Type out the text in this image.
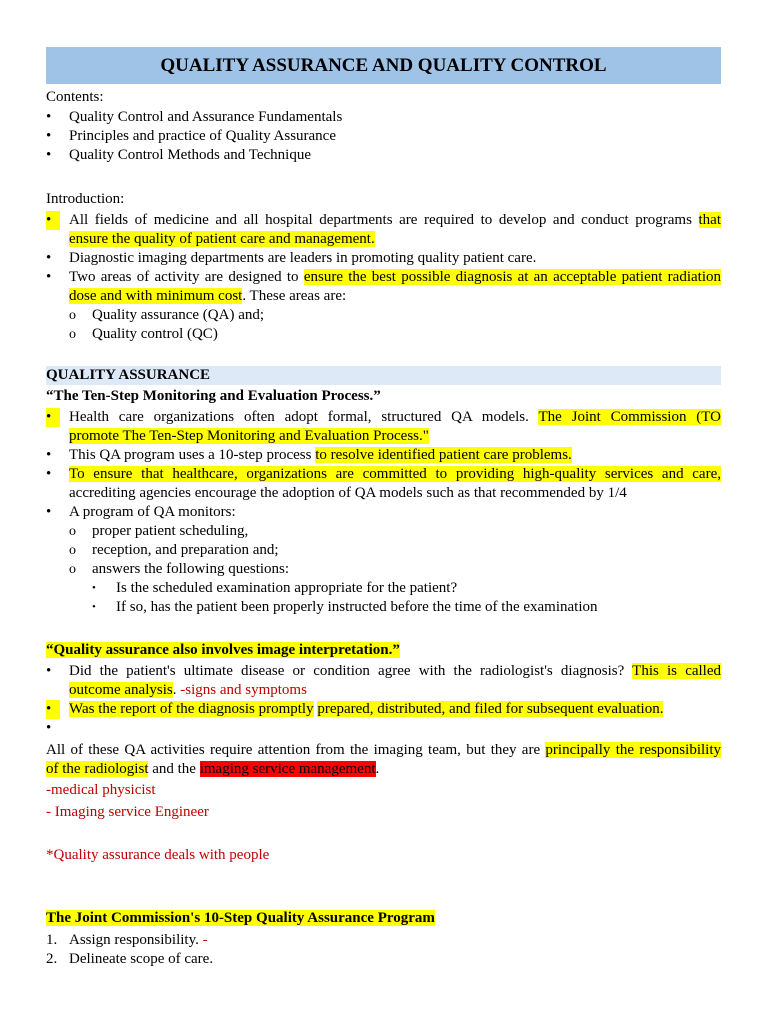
QUALITY ASSURANCE AND QUALITY CONTROL
Contents:
•	Quality Control and Assurance Fundamentals
•	Principles and practice of Quality Assurance
•	Quality Control Methods and Technique
Introduction:
•	All fields of medicine and all hospital departments are required to develop and conduct programs that
ensure the quality of patient care and management.
•	Diagnostic imaging departments are leaders in promoting quality patient care.
•	Two areas of activity are designed to ensure the best possible diagnosis at an acceptable patient radiation
dose and with minimum cost. These areas are:
o Quality assurance (QA) and;
o Quality control (QC)
QUALITY ASSURANCE
“The Ten-Step Monitoring and Evaluation Process.”
•	Health care organizations often adopt formal, structured QA models. The Joint Commission (TO
promote The Ten-Step Monitoring and Evaluation Process."
•	This QA program uses a 10-step process to resolve identified patient care problems.
•	To ensure that healthcare, organizations are committed to providing high-quality services and care,
accrediting agencies encourage the adoption of QA models such as that recommended by 1/4
•	A program of QA monitors:
o proper patient scheduling,
o reception, and preparation and;
o answers the following questions:
• Is the scheduled examination appropriate for the patient?
• If so, has the patient been properly instructed before the time of the examination
“Quality assurance also involves image interpretation.”
•	Did the patient's ultimate disease or condition agree with the radiologist's diagnosis? This is called
outcome analysis. -signs and symptoms
•	Was the report of the diagnosis promptly prepared, distributed, and filed for subsequent evaluation.
•
All of these QA activities require attention from the imaging team, but they are principally the responsibility
of the radiologist and the imaging service management.
-medical physicist
- Imaging service Engineer
*Quality assurance deals with people
The Joint Commission's 10-Step Quality Assurance Program
1. Assign responsibility. -
2. Delineate scope of care.
